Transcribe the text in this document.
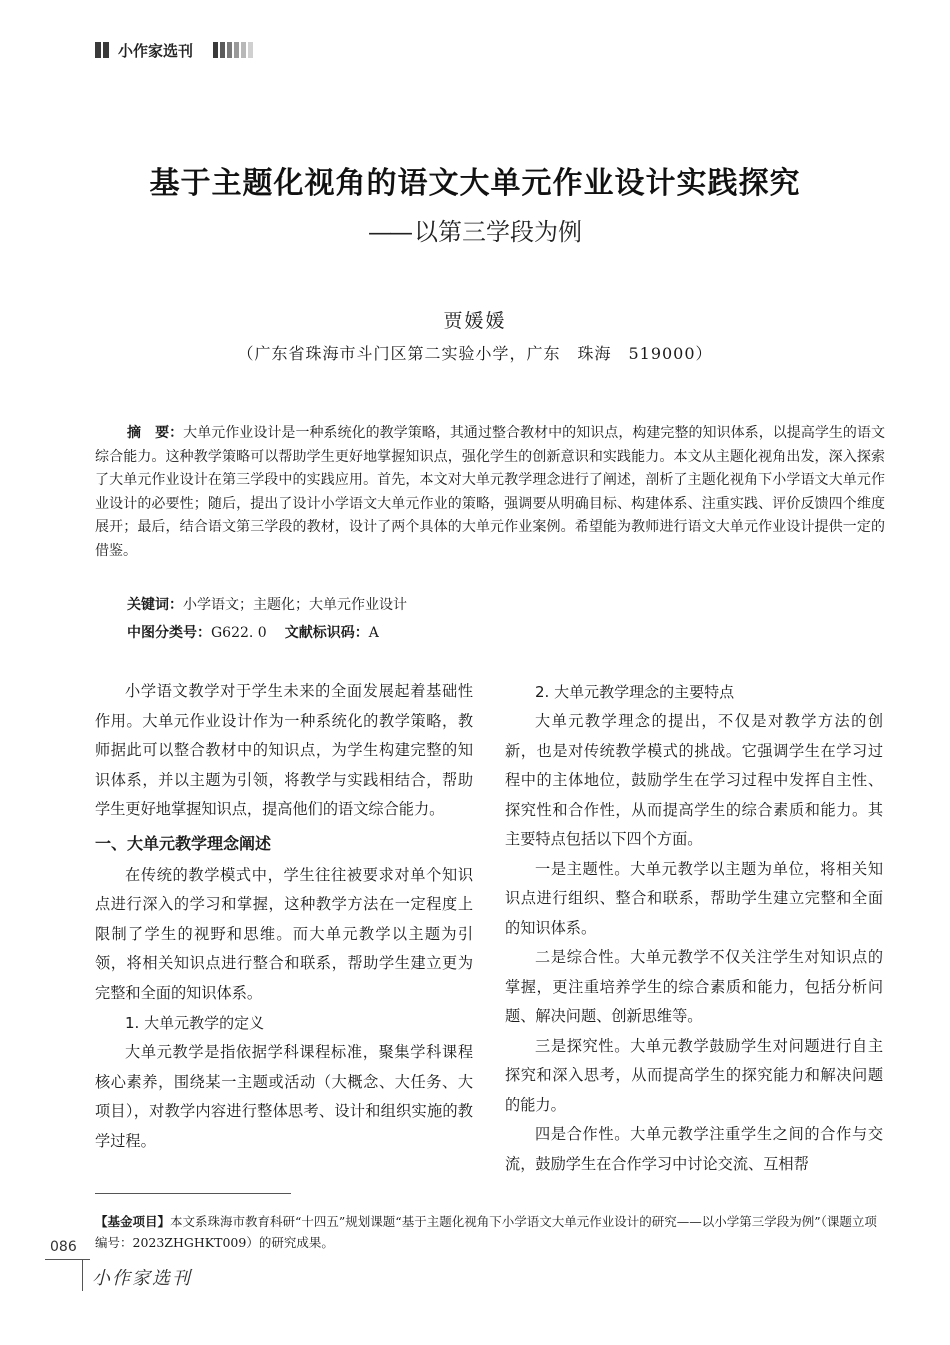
小作家选刊
基于主题化视角的语文大单元作业设计实践探究
—— 以第三学段为例
贾媛媛
（广东省珠海市斗门区第二实验小学，广东　珠海　519000）
摘　要：大单元作业设计是一种系统化的教学策略，其通过整合教材中的知识点，构建完整的知识体系，以提高学生的语文综合能力。这种教学策略可以帮助学生更好地掌握知识点，强化学生的创新意识和实践能力。本文从主题化视角出发，深入探索了大单元作业设计在第三学段中的实践应用。首先，本文对大单元教学理念进行了阐述，剖析了主题化视角下小学语文大单元作业设计的必要性；随后，提出了设计小学语文大单元作业的策略，强调要从明确目标、构建体系、注重实践、评价反馈四个维度展开；最后，结合语文第三学段的教材，设计了两个具体的大单元作业案例。希望能为教师进行语文大单元作业设计提供一定的借鉴。
关键词：小学语文；主题化；大单元作业设计
中图分类号：G622. 0 文献标识码：A

小学语文教学对于学生未来的全面发展起着基础性作用。大单元作业设计作为一种系统化的教学策略，教师据此可以整合教材中的知识点，为学生构建完整的知识体系，并以主题为引领，将教学与实践相结合，帮助学生更好地掌握知识点，提高他们的语文综合能力。

一、大单元教学理念阐述

在传统的教学模式中，学生往往被要求对单个知识点进行深入的学习和掌握，这种教学方法在一定程度上限制了学生的视野和思维。而大单元教学以主题为引领，将相关知识点进行整合和联系，帮助学生建立更为完整和全面的知识体系。

1. 大单元教学的定义

大单元教学是指依据学科课程标准，聚集学科课程核心素养，围绕某一主题或活动（大概念、大任务、大项目），对教学内容进行整体思考、设计和组织实施的教学过程。

2. 大单元教学理念的主要特点

大单元教学理念的提出，不仅是对教学方法的创新，也是对传统教学模式的挑战。它强调学生在学习过程中的主体地位，鼓励学生在学习过程中发挥自主性、探究性和合作性，从而提高学生的综合素质和能力。其主要特点包括以下四个方面。

一是主题性。大单元教学以主题为单位，将相关知识点进行组织、整合和联系，帮助学生建立完整和全面的知识体系。

二是综合性。大单元教学不仅关注学生对知识点的掌握，更注重培养学生的综合素质和能力，包括分析问题、解决问题、创新思维等。

三是探究性。大单元教学鼓励学生对问题进行自主探究和深入思考，从而提高学生的探究能力和解决问题的能力。

四是合作性。大单元教学注重学生之间的合作与交流，鼓励学生在合作学习中讨论交流、互相帮

【基金项目】本文系珠海市教育科研“十四五”规划课题“基于主题化视角下小学语文大单元作业设计的研究——以小学第三学段为例”（课题立项编号：2023ZHGHKT009）的研究成果。
086
小作家选刊
